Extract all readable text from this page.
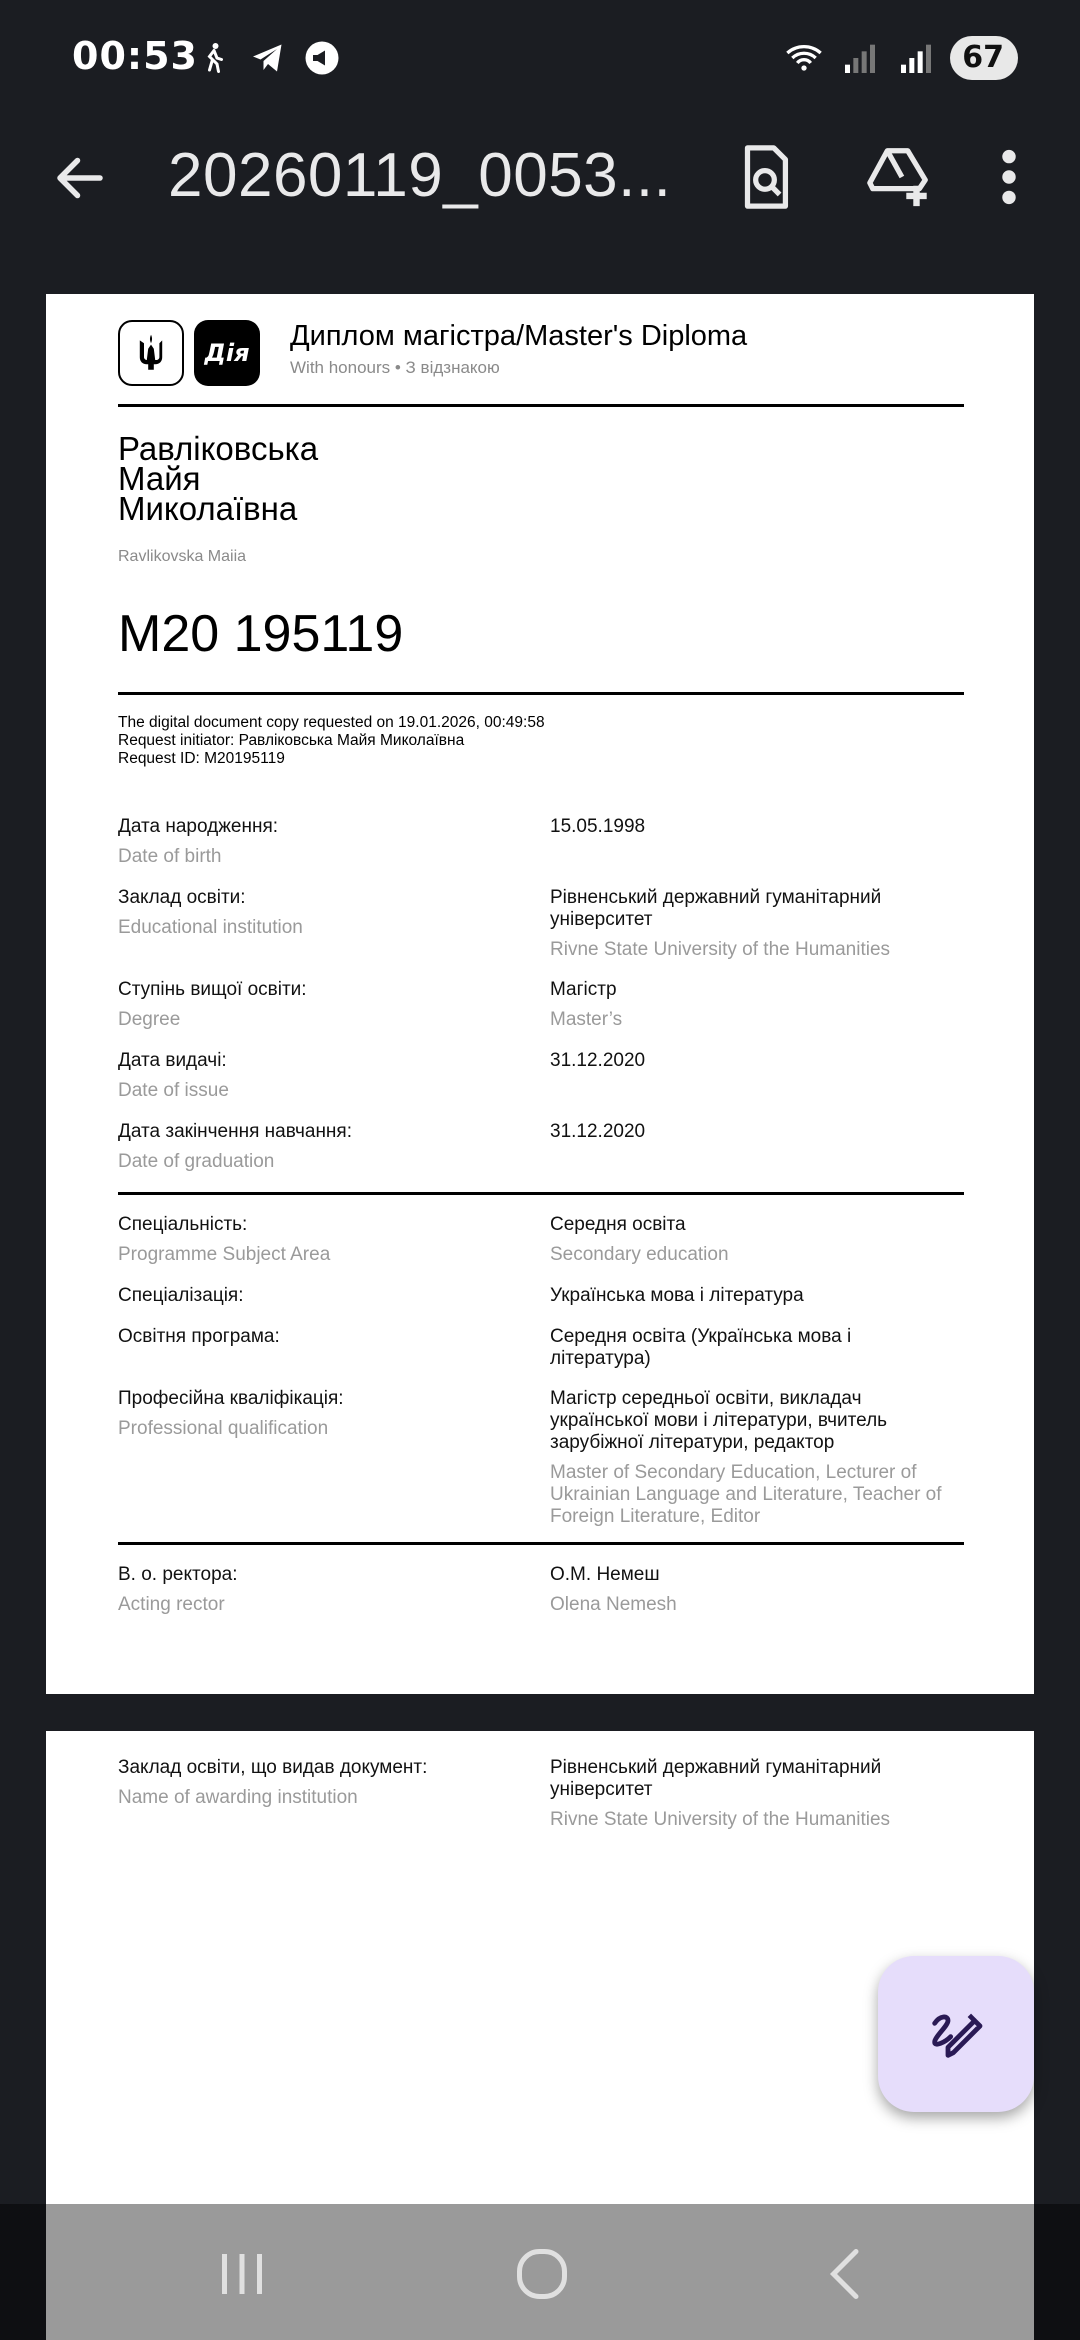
00:53	67
20260119_0053...
Дія
Диплом магістра/Master's Diploma
With honours • З відзнакою
Равліковська
Майя
Миколаївна
Ravlikovska Maiia
M20 195119
The digital document copy requested on 19.01.2026, 00:49:58
Request initiator: Равліковська Майя Миколаївна
Request ID: M20195119
Дата народження:
Date of birth
15.05.1998
Заклад освіти:
Educational institution
Рівненський державний гуманітарний університет
Rivne State University of the Humanities
Ступінь вищої освіти:
Degree
Магістр
Master’s
Дата видачі:
Date of issue
31.12.2020
Дата закінчення навчання:
Date of graduation
31.12.2020
Спеціальність:
Programme Subject Area
Середня освіта
Secondary education
Спеціалізація:	Українська мова і література
Освітня програма:	Середня освіта (Українська мова і література)
Професійна кваліфікація:
Professional qualification
Магістр середньої освіти, викладач української мови і літератури, вчитель зарубіжної літератури, редактор
Master of Secondary Education, Lecturer of Ukrainian Language and Literature, Teacher of Foreign Literature, Editor
В. о. ректора:
Acting rector
О.М. Немеш
Olena Nemesh
Заклад освіти, що видав документ:
Name of awarding institution
Рівненський державний гуманітарний університет
Rivne State University of the Humanities
